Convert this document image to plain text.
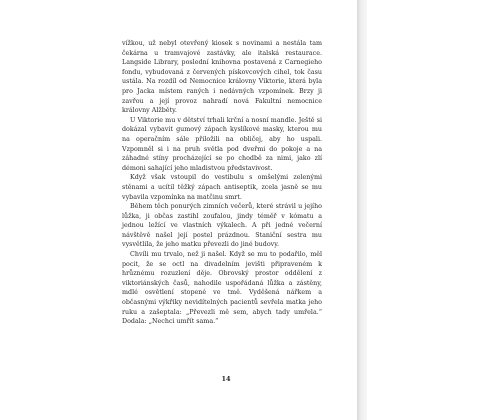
vížkou, už nebyl otevřený kiosek s novinami a nestála tam čekárna u tramvajové zastávky, ale italská restaurace. Langside Library, poslední knihovna postavená z Carnegieho fondu, vybudovaná z červených pískovcových cihel, tok času ustála. Na rozdíl od Nemocnice královny Viktorie, která byla pro Jacka místem raných i nedávných vzpomínek. Brzy ji zavřou a její provoz nahradí nová Fakultní nemocnice královny Alžběty.

U Viktorie mu v dětství trhali krční a nosní mandle. Ještě si dokázal vybavit gumový zápach kyslíkové masky, kterou mu na operačním sále přiložili na obličej, aby ho uspali. Vzpomněl si i na pruh světla pod dveřmi do pokoje a na záhadné stíny procházející se po chodbě za nimi, jako zlí démoni sahající jeho mladistvou představivost.

Když však vstoupil do vestibulu s omšelými zelenými stěnami a ucítil těžký zápach antiseptik, zcela jasně se mu vybavila vzpomínka na matčinu smrt.

Během těch ponurých zimních večerů, které strávil u jejího lůžka, ji občas zastihl zoufalou, jindy téměř v kómatu a jednou ležící ve vlastních výkalech. A při jedné večerní návštěvě našel její postel prázdnou. Staniční sestra mu vysvětlila, že jeho matku převezli do jiné budovy.

Chvíli mu trvalo, než ji našel. Když se mu to podařilo, měl pocit, že se octl na divadelním jevišti připraveném k hrůznému rozuzlení děje. Obrovský prostor oddělení z viktoriánských časů, nahodile uspořádaná lůžka a zástěny, mdlé osvětlení stopené ve tmě. Vyděšená nářkem a občasnými výkřiky nevidítelných pacientů sevřela matka jeho ruku a zašeptala: „Převezli mě sem, abych tady umřela.“ Dodala: „Nechci umřít sama.“

14
